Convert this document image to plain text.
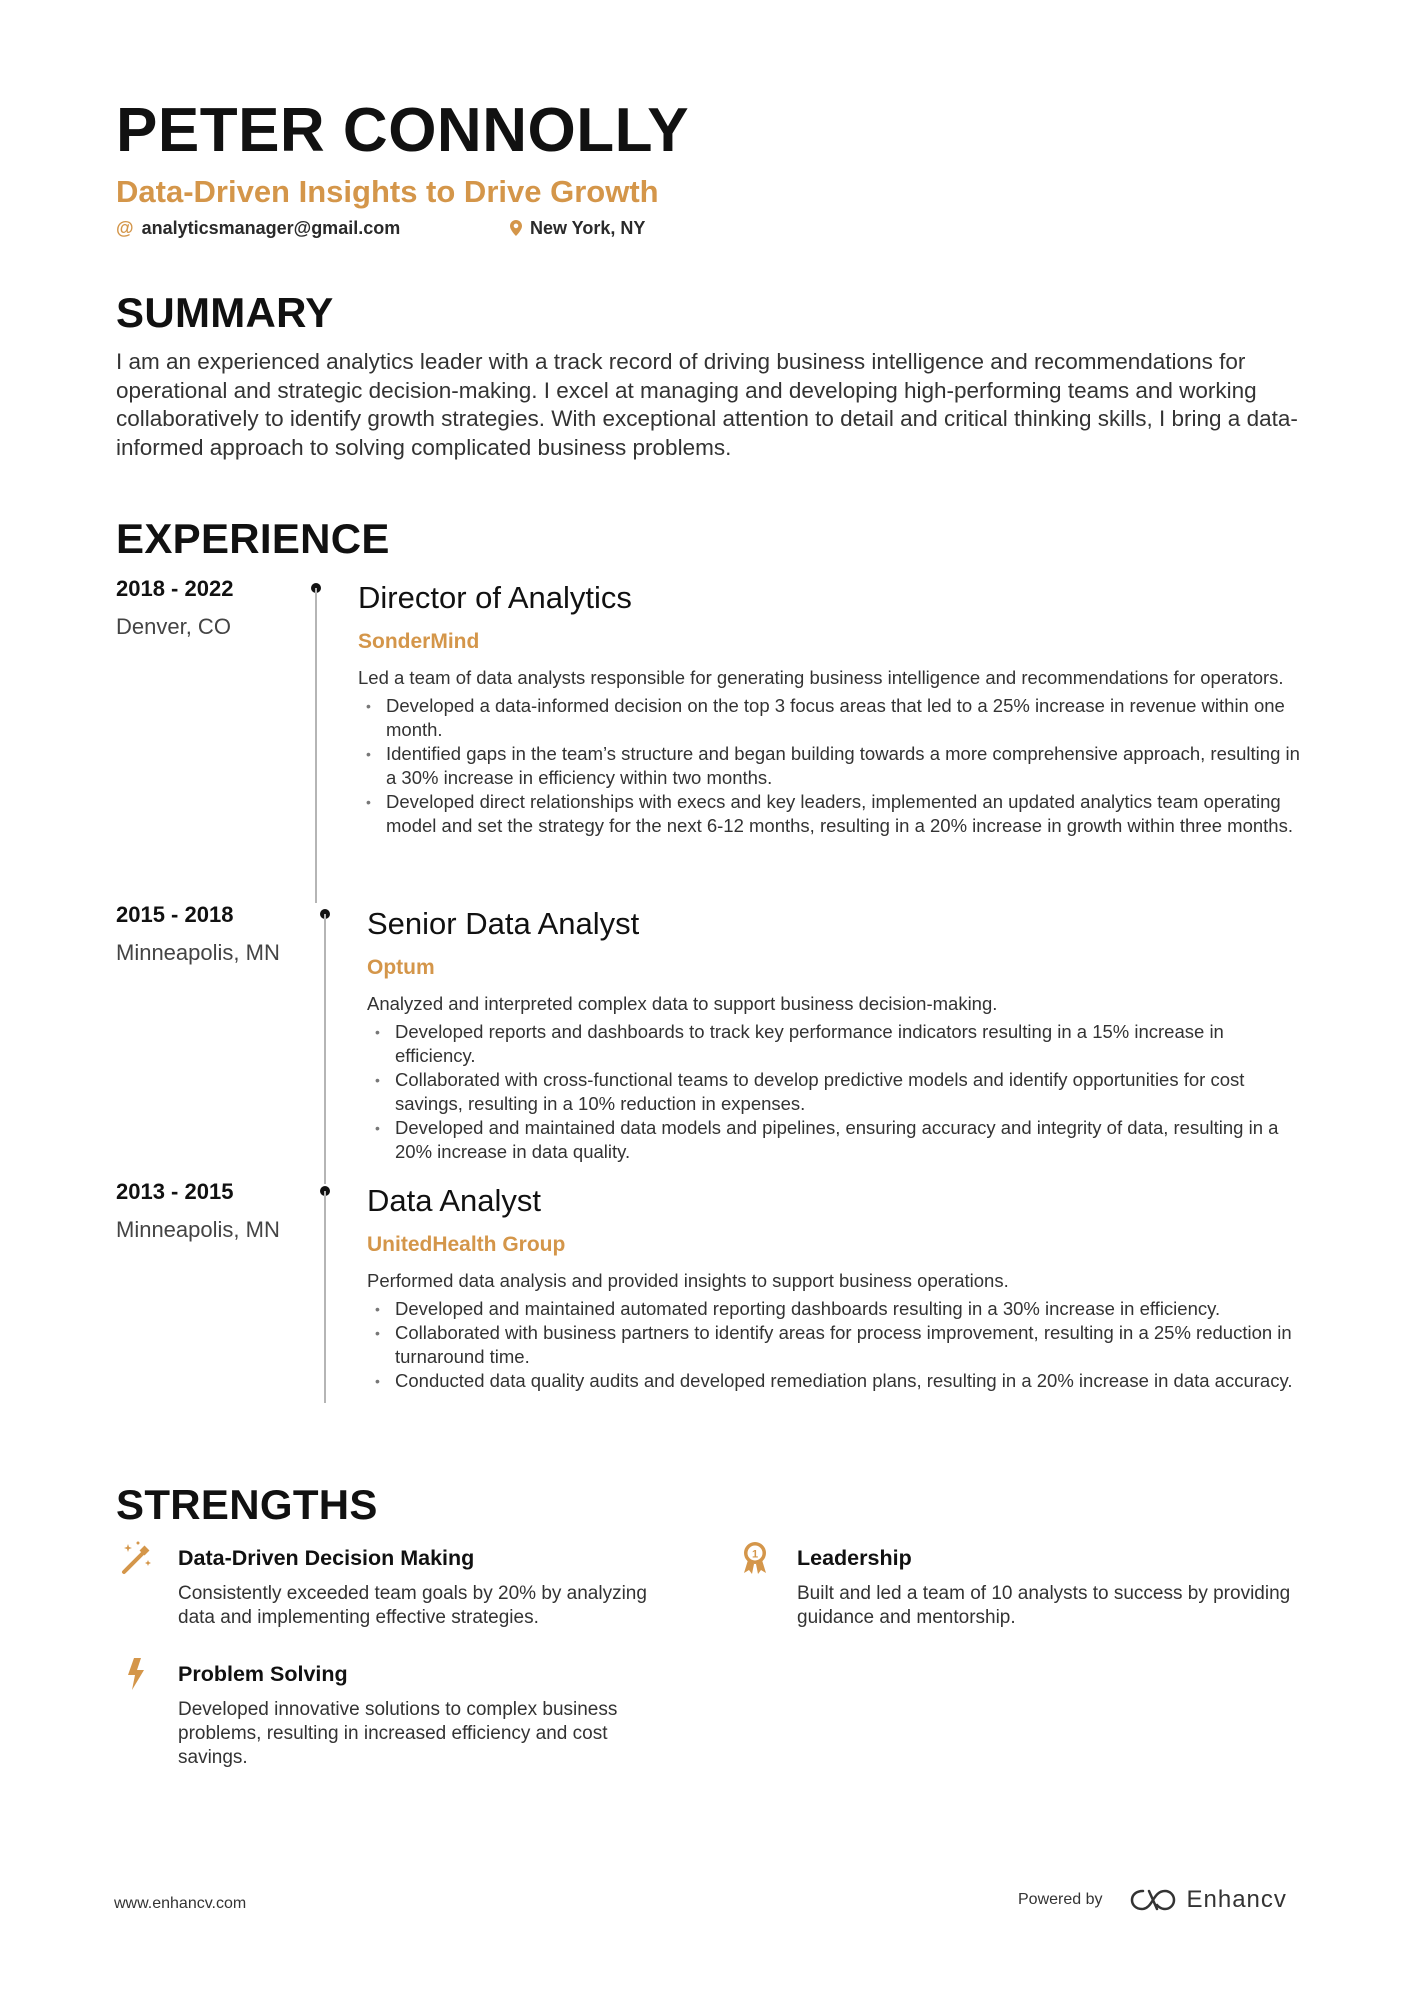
PETER CONNOLLY
Data-Driven Insights to Drive Growth
@ analyticsmanager@gmail.com	New York, NY
SUMMARY
I am an experienced analytics leader with a track record of driving business intelligence and recommendations for operational and strategic decision-making. I excel at managing and developing high-performing teams and working collaboratively to identify growth strategies. With exceptional attention to detail and critical thinking skills, I bring a data-informed approach to solving complicated business problems.
EXPERIENCE
2018 - 2022
Denver, CO
Director of Analytics
SonderMind
Led a team of data analysts responsible for generating business intelligence and recommendations for operators.
• Developed a data-informed decision on the top 3 focus areas that led to a 25% increase in revenue within one month.
• Identified gaps in the team’s structure and began building towards a more comprehensive approach, resulting in a 30% increase in efficiency within two months.
• Developed direct relationships with execs and key leaders, implemented an updated analytics team operating model and set the strategy for the next 6-12 months, resulting in a 20% increase in growth within three months.
2015 - 2018
Minneapolis, MN
Senior Data Analyst
Optum
Analyzed and interpreted complex data to support business decision-making.
• Developed reports and dashboards to track key performance indicators resulting in a 15% increase in efficiency.
• Collaborated with cross-functional teams to develop predictive models and identify opportunities for cost savings, resulting in a 10% reduction in expenses.
• Developed and maintained data models and pipelines, ensuring accuracy and integrity of data, resulting in a 20% increase in data quality.
2013 - 2015
Minneapolis, MN
Data Analyst
UnitedHealth Group
Performed data analysis and provided insights to support business operations.
• Developed and maintained automated reporting dashboards resulting in a 30% increase in efficiency.
• Collaborated with business partners to identify areas for process improvement, resulting in a 25% reduction in turnaround time.
• Conducted data quality audits and developed remediation plans, resulting in a 20% increase in data accuracy.
STRENGTHS
Data-Driven Decision Making
Consistently exceeded team goals by 20% by analyzing data and implementing effective strategies.
1 Leadership
Built and led a team of 10 analysts to success by providing guidance and mentorship.
Problem Solving
Developed innovative solutions to complex business problems, resulting in increased efficiency and cost savings.
www.enhancv.com	Powered by	Enhancv
